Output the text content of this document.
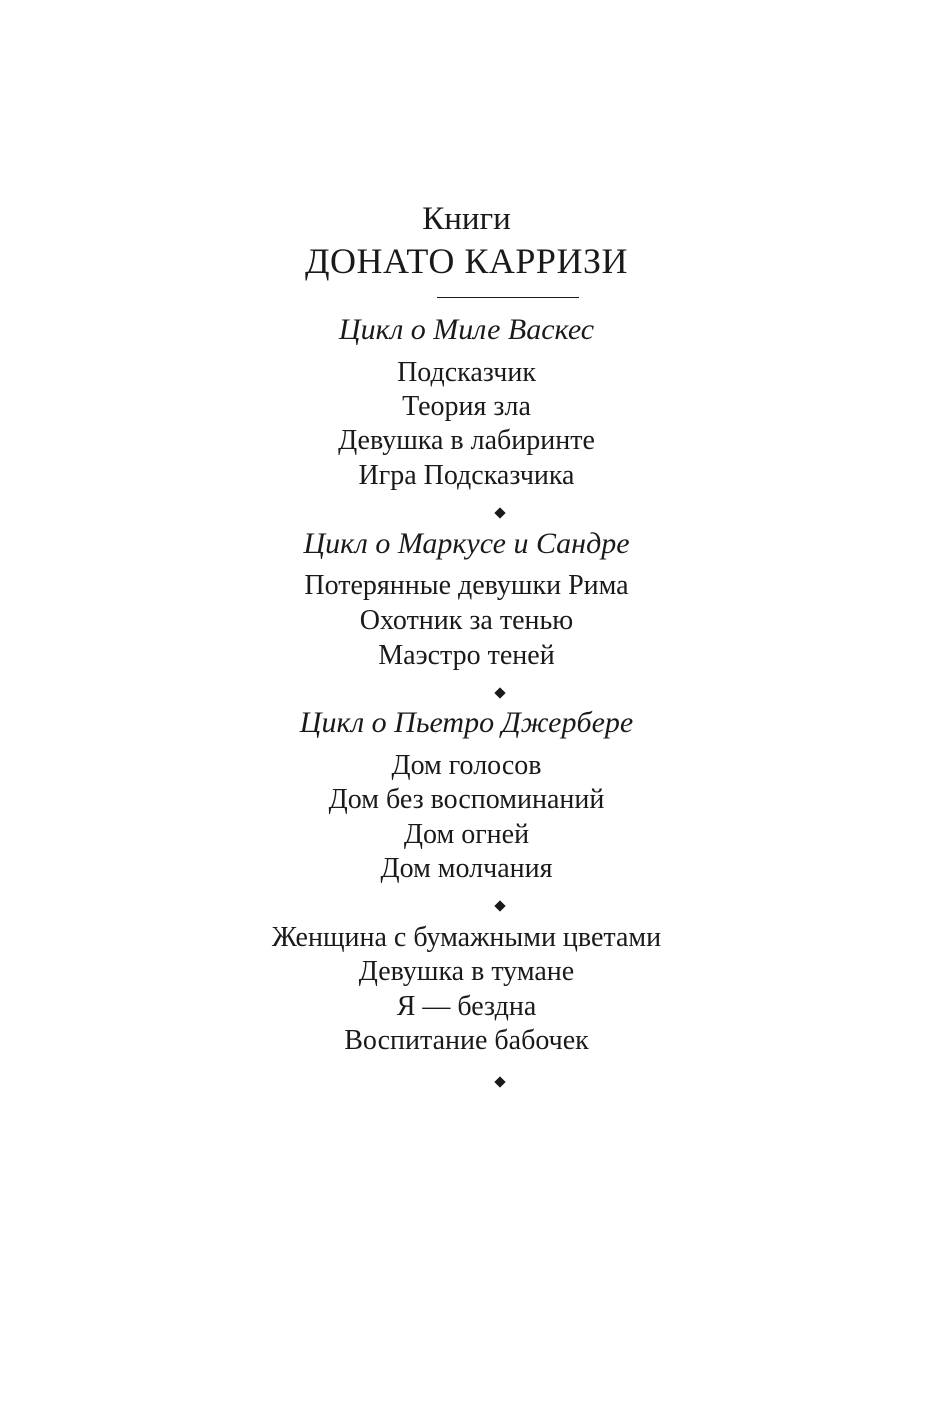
Книги
ДОНАТО КАРРИЗИ
Цикл о Миле Васкес
Подсказчик
Теория зла
Девушка в лабиринте
Игра Подсказчика
Цикл о Маркусе и Сандре
Потерянные девушки Рима
Охотник за тенью
Маэстро теней
Цикл о Пьетро Джербере
Дом голосов
Дом без воспоминаний
Дом огней
Дом молчания
Женщина с бумажными цветами
Девушка в тумане
Я — бездна
Воспитание бабочек
